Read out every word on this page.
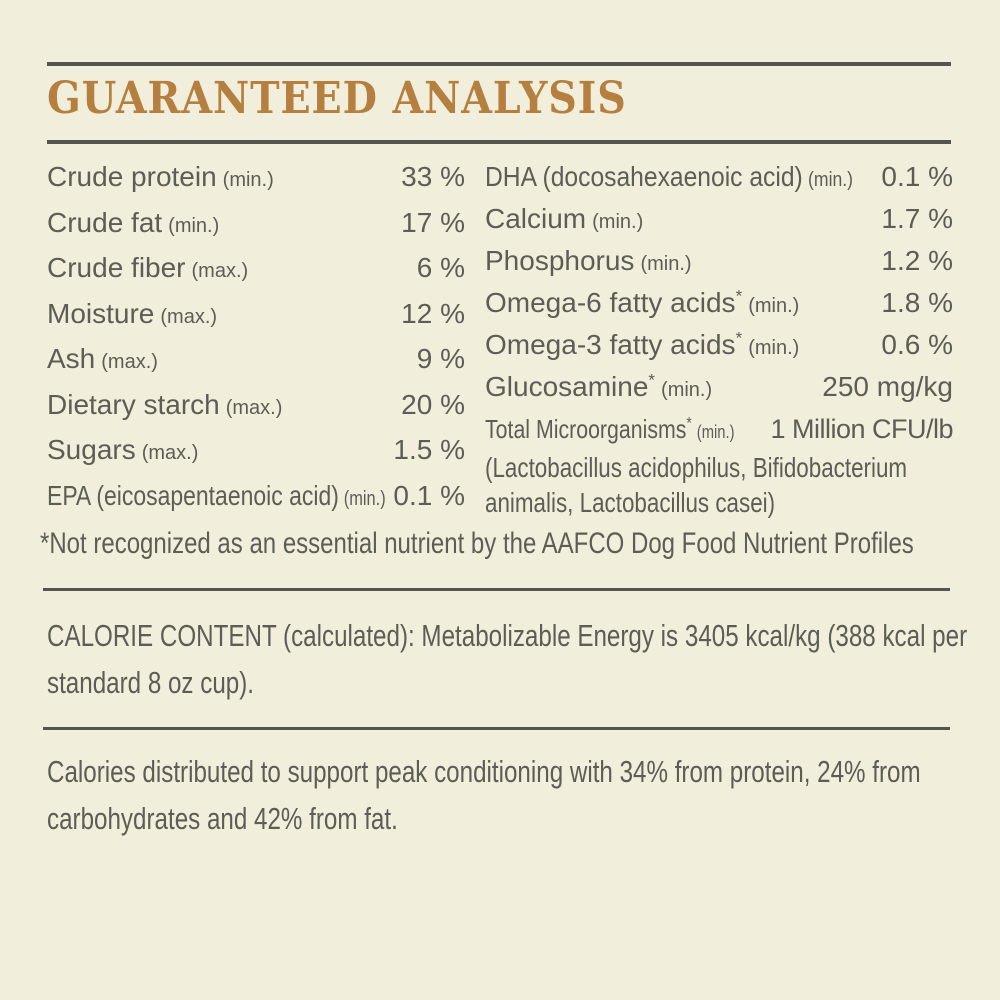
GUARANTEED ANALYSIS
Crude protein (min.)	33 %
Crude fat (min.)	17 %
Crude fiber (max.)	6 %
Moisture (max.)	12 %
Ash (max.)	9 %
Dietary starch (max.)	20 %
Sugars (max.)	1.5 %
EPA (eicosapentaenoic acid) (min.) 0.1 %
DHA (docosahexaenoic acid) (min.) 0.1 %
Calcium (min.)	1.7 %
Phosphorus (min.)	1.2 %
Omega-6 fatty acids* (min.)	1.8 %
Omega-3 fatty acids* (min.)	0.6 %
Glucosamine* (min.)	250 mg/kg
Total Microorganisms* (min.) 1 Million CFU/lb
(Lactobacillus acidophilus, Bifidobacterium
animalis, Lactobacillus casei)
*Not recognized as an essential nutrient by the AAFCO Dog Food Nutrient Profiles
CALORIE CONTENT (calculated): Metabolizable Energy is 3405 kcal/kg (388 kcal per
standard 8 oz cup).
Calories distributed to support peak conditioning with 34% from protein, 24% from
carbohydrates and 42% from fat.
